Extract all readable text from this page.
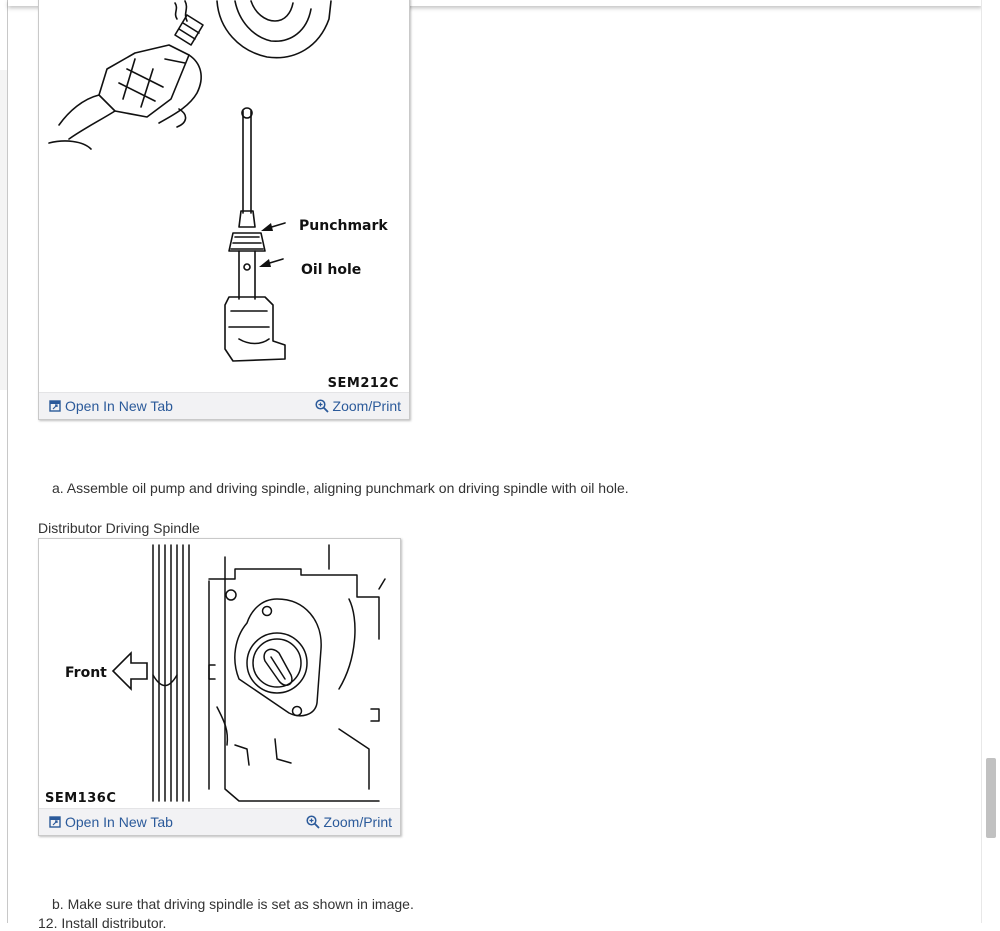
Punchmark
Oil hole
SEM212C
Open In New Tab	Zoom/Print
a. Assemble oil pump and driving spindle, aligning punchmark on driving spindle with oil hole.
Distributor Driving Spindle
Front
SEM136C
Open In New Tab	Zoom/Print
b. Make sure that driving spindle is set as shown in image.
12. Install distributor.
